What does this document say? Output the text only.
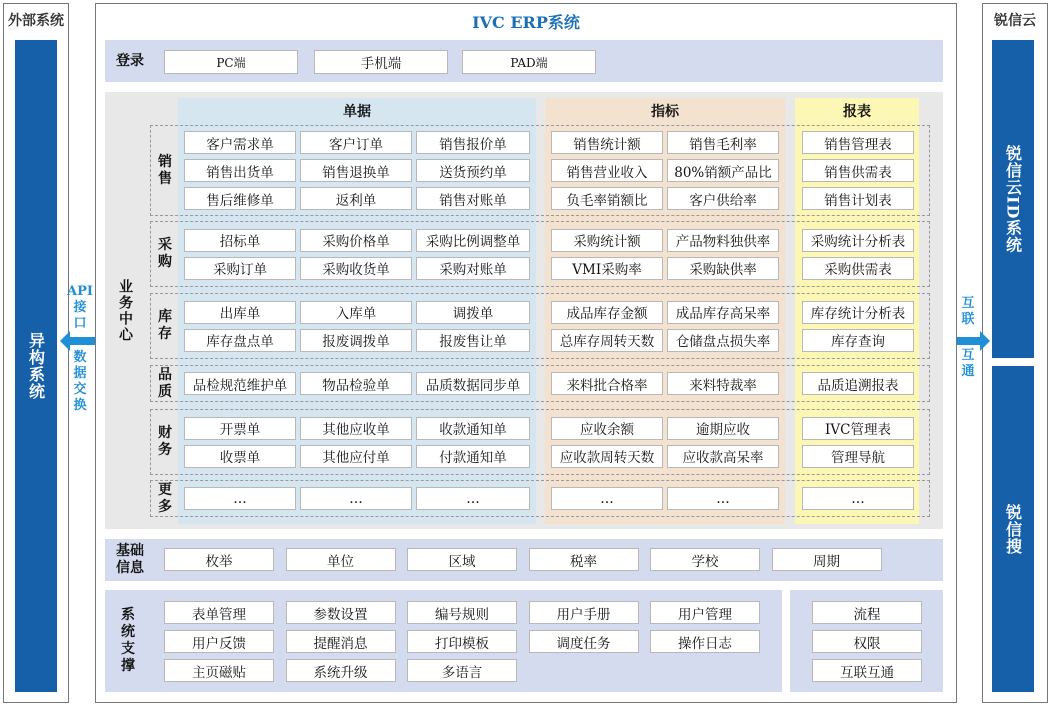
外部系统
异构系统
锐信云
锐信云ID系统
锐信搜
API
接
口
数
据
交
换
互
联
互
通
IVC ERP系统
登录	PC端	手机端	PAD端
业务中心
单据	指标	报表
销售
客户需求单	客户订单	销售报价单
销售出货单	销售退换单	送货预约单
售后维修单	返利单	销售对账单
销售统计额	销售毛利率
销售营业收入	80%销额产品比
负毛率销额比	客户供给率
销售管理表
销售供需表
销售计划表
采购
招标单	采购价格单	采购比例调整单
采购订单	采购收货单	采购对账单
采购统计额	产品物料独供率
VMI采购率	采购缺供率
采购统计分析表
采购供需表
库存
出库单	入库单	调拨单
库存盘点单	报废调拨单	报废售让单
成品库存金额	成品库存高呆率
总库存周转天数	仓储盘点损失率
库存统计分析表
库存查询
品质	品检规范维护单	物品检验单	品质数据同步单	来料批合格率	来料特裁率	品质追溯报表
财务
开票单	其他应收单	收款通知单
收票单	其他应付单	付款通知单
应收余额	逾期应收
应收款周转天数	应收款高呆率
IVC管理表
管理导航
更多	…	…	…	…	…	…
基础信息	枚举	单位	区域	税率	学校	周期
系统支撑
表单管理	参数设置	编号规则	用户手册	用户管理
用户反馈	提醒消息	打印模板	调度任务	操作日志
主页磁贴	系统升级	多语言
流程
权限
互联互通
